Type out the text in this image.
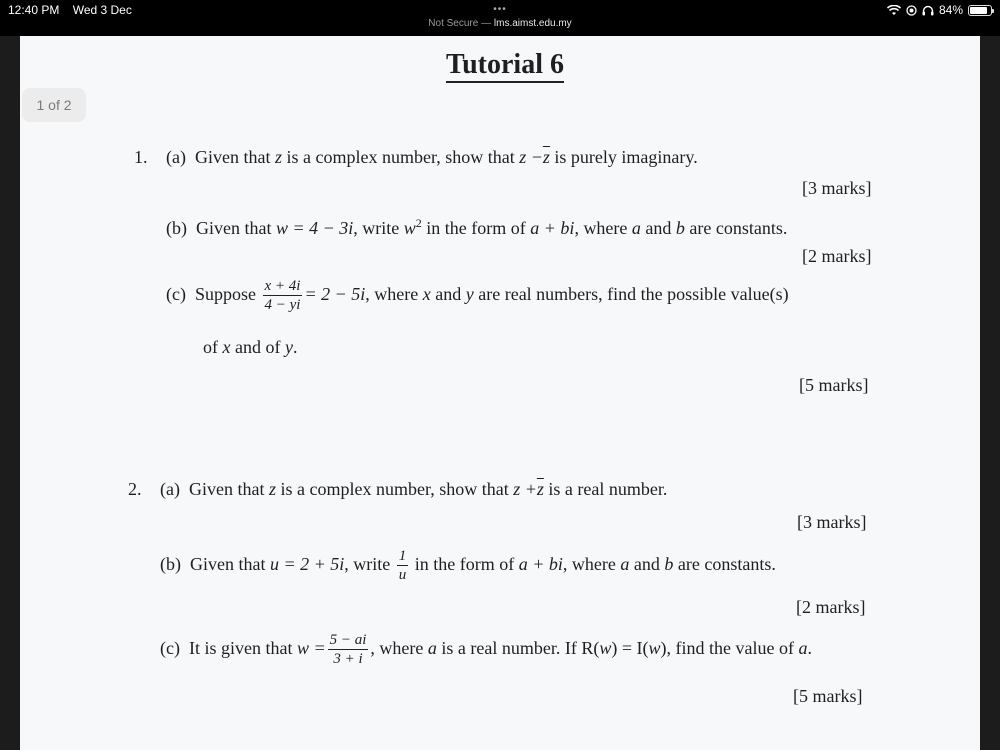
12:40 PM Wed 3 Dec	•••
Not Secure — lms.aimst.edu.my
84%
1 of 2
Tutorial 6
1. (a) Given that z is a complex number, show that $z -\overline{z}$ is purely imaginary.
[3 marks]
(b) Given that w = 4 − 3i, write $w^2$ in the form of a + bi, where a and b are constants.
[2 marks]
(c) Suppose $\frac{x + 4i}{4 - yi} = 2 - 5i$, where x and y are real numbers, find the possible value(s)
of x and of y.
[5 marks]
2. (a) Given that z is a complex number, show that $z +\overline{z}$ is a real number.
[3 marks]
(b) Given that u = 2 + 5i, write $\frac{1}{u}$ in the form of a + bi, where a and b are constants.
[2 marks]
(c) It is given that $w = \frac{5 - ai}{3 + i}$ , where a is a real number. If R(w) = I(w), find the value of a.
[5 marks]
